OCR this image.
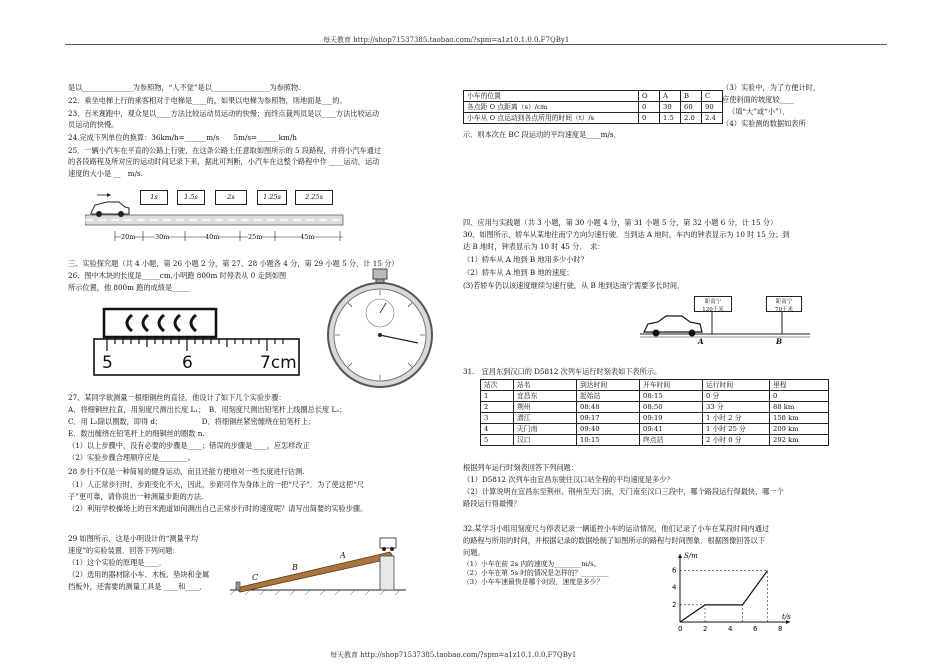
每天教育 http://shop71537385.taobao.com/?spm=a1z10.1.0.0.F7QBy1
每天教育 http://shop71537385.taobao.com/?spm=a1z10.1.0.0.F7QBy1
是以______________为参照物，“人不觉”是以________________为参照物.
22．乘坐电梯上行的乘客相对于电梯是____的，如果以电梯为参照物，则地面是___的。
23．百米赛跑中，观众是以____方法比较运动员运动的快慢；而终点裁判员是以____方法比较运动
员运动的快慢。
24.完成下列单位的换算：36km/h=______m/s　　5m/s=______km/h
25．一辆小汽车在平直的公路上行驶，在这条公路上任意取如图所示的 5 段路程，并将小汽车通过
的各段路程及所对应的运动时间记录下来，据此可判断，小汽车在这整个路程中作 ____运动，运动
速度的大小是 __　m/s.
1s	1.5s	2s	1.25s	2.25s
20m	30m	40m	25m	45m
三、实验探究题（共 4 小题，第 26 小题 2 分，第 27、28 小题各 4 分，第 29 小题 5 分，计 15 分）
26、图中木块的长度是_____cm,小明跑 800m 时停表从 0 走到如图
所示位置，他 800m 跑的成绩是_____
5	6	7cm
27、某同学欲测量一根细铜丝的直径，他设计了如下几个实验步骤：
A．将细铜丝拉直，用刻度尺测出长度 L₁；　B．用刻度尺测出铅笔杆上线圈总长度 L₂；
C．用 L₂除以圈数，即得 d；　　　　　　D．将细铜丝紧密缠绕在铅笔杆上；
E．数出缠绕在铅笔杆上的细铜丝的圈数 n.
（1）以上步骤中，没有必要的步骤是____；错误的步骤是____，应怎样改正
（2）实验步骤合理顺序应是________。
28 步行不仅是一种简易的健身运动，而且还能方便地对一些长度进行估测.
（1）人正常步行时，步距变化不大，因此，步距可作为身体上的一把“尺子”．为了使这把“尺
子”更可靠，请你说出一种测量步距的方法.
（2）利用学校操场上的百米跑道如何测出自己正常步行时的速度呢？请写出简要的实验步骤。
29 如图所示，这是小明设计的“测量平均
速度”的实验装置．回答下列问题：
（1）这个实验的原理是____．
（2）选用的器材除小车、木板、垫块和金属
挡板外，还需要的测量工具是 ____和____．
C
B
A
小车的位置	O	A	B	C
各点距 O 点距离（s）/cm	0	30	60	90
小车从 O 点运动到各点所用的时间（t）/s	0	1.5	2.0	2.4
示．则本次在 BC 段运动的平均速度是____m/s．
（3）实验中，为了方便计时，
应使斜面的坡度较____
（填“大”或“小”）．
（4）实验测的数据如表所
四、应用与实践题（共 3 小题，第 30 小题 4 分，第 31 小题 5 分，第 32 小题 6 分，计 15 分）
30、如图所示，轿车从某地往南宁方向匀速行驶．当到达 A 地时，车内的钟表显示为 10 时 15 分；到
达 B 地时，钟表显示为 10 时 45 分．　求：
（1）轿车从 A 地到 B 地用多少小时？
（2）轿车从 A 地到 B 地的速度；
(3)若轿车仍以该速度继续匀速行驶，从 B 地到达南宁需要多长时间．
距南宁
120千米
距南宁
70千米
A	B
31.　宜昌东到汉口的 D5812 次列车运行时刻表如下表所示。
站次	站名	到达时间	开车时间	运行时间	里程
1	宜昌东	起始站	08:15	0 分	0
2	荆州	08:48	08:50	33 分	88 km
3	潜江	09:17	09:19	1 小时 2 分	158 km
4	天门南	09:40	09:41	1 小时 25 分	209 km
5	汉口	10:15	终点站	2 小时 0 分	292 km
根据列车运行时刻表回答下列问题：
（1）D5812 次列车由宜昌东驶往汉口站全程的平均速度是多少？
（2）计算说明在宜昌东至荆州、荆州至天门南、天门南至汉口三段中，哪个路段运行得最快，哪一个
路段运行得最慢？
32.某学习小组用刻度尺与停表记录一辆遥控小车的运动情况，他们记录了小车在某段时间内通过
的路程与所用的时间，并根据记录的数据绘制了如图所示的路程与时间图象．根据图像回答以下
问题。
（1）小车在前 2s 内的速度为________m/s。
（2）小车在第 5s 时的情况是怎样的？________
（3）小车车速最快是哪个时段，速度是多少？
0	2	4	6	8
2
4
6
S/m
t/s
